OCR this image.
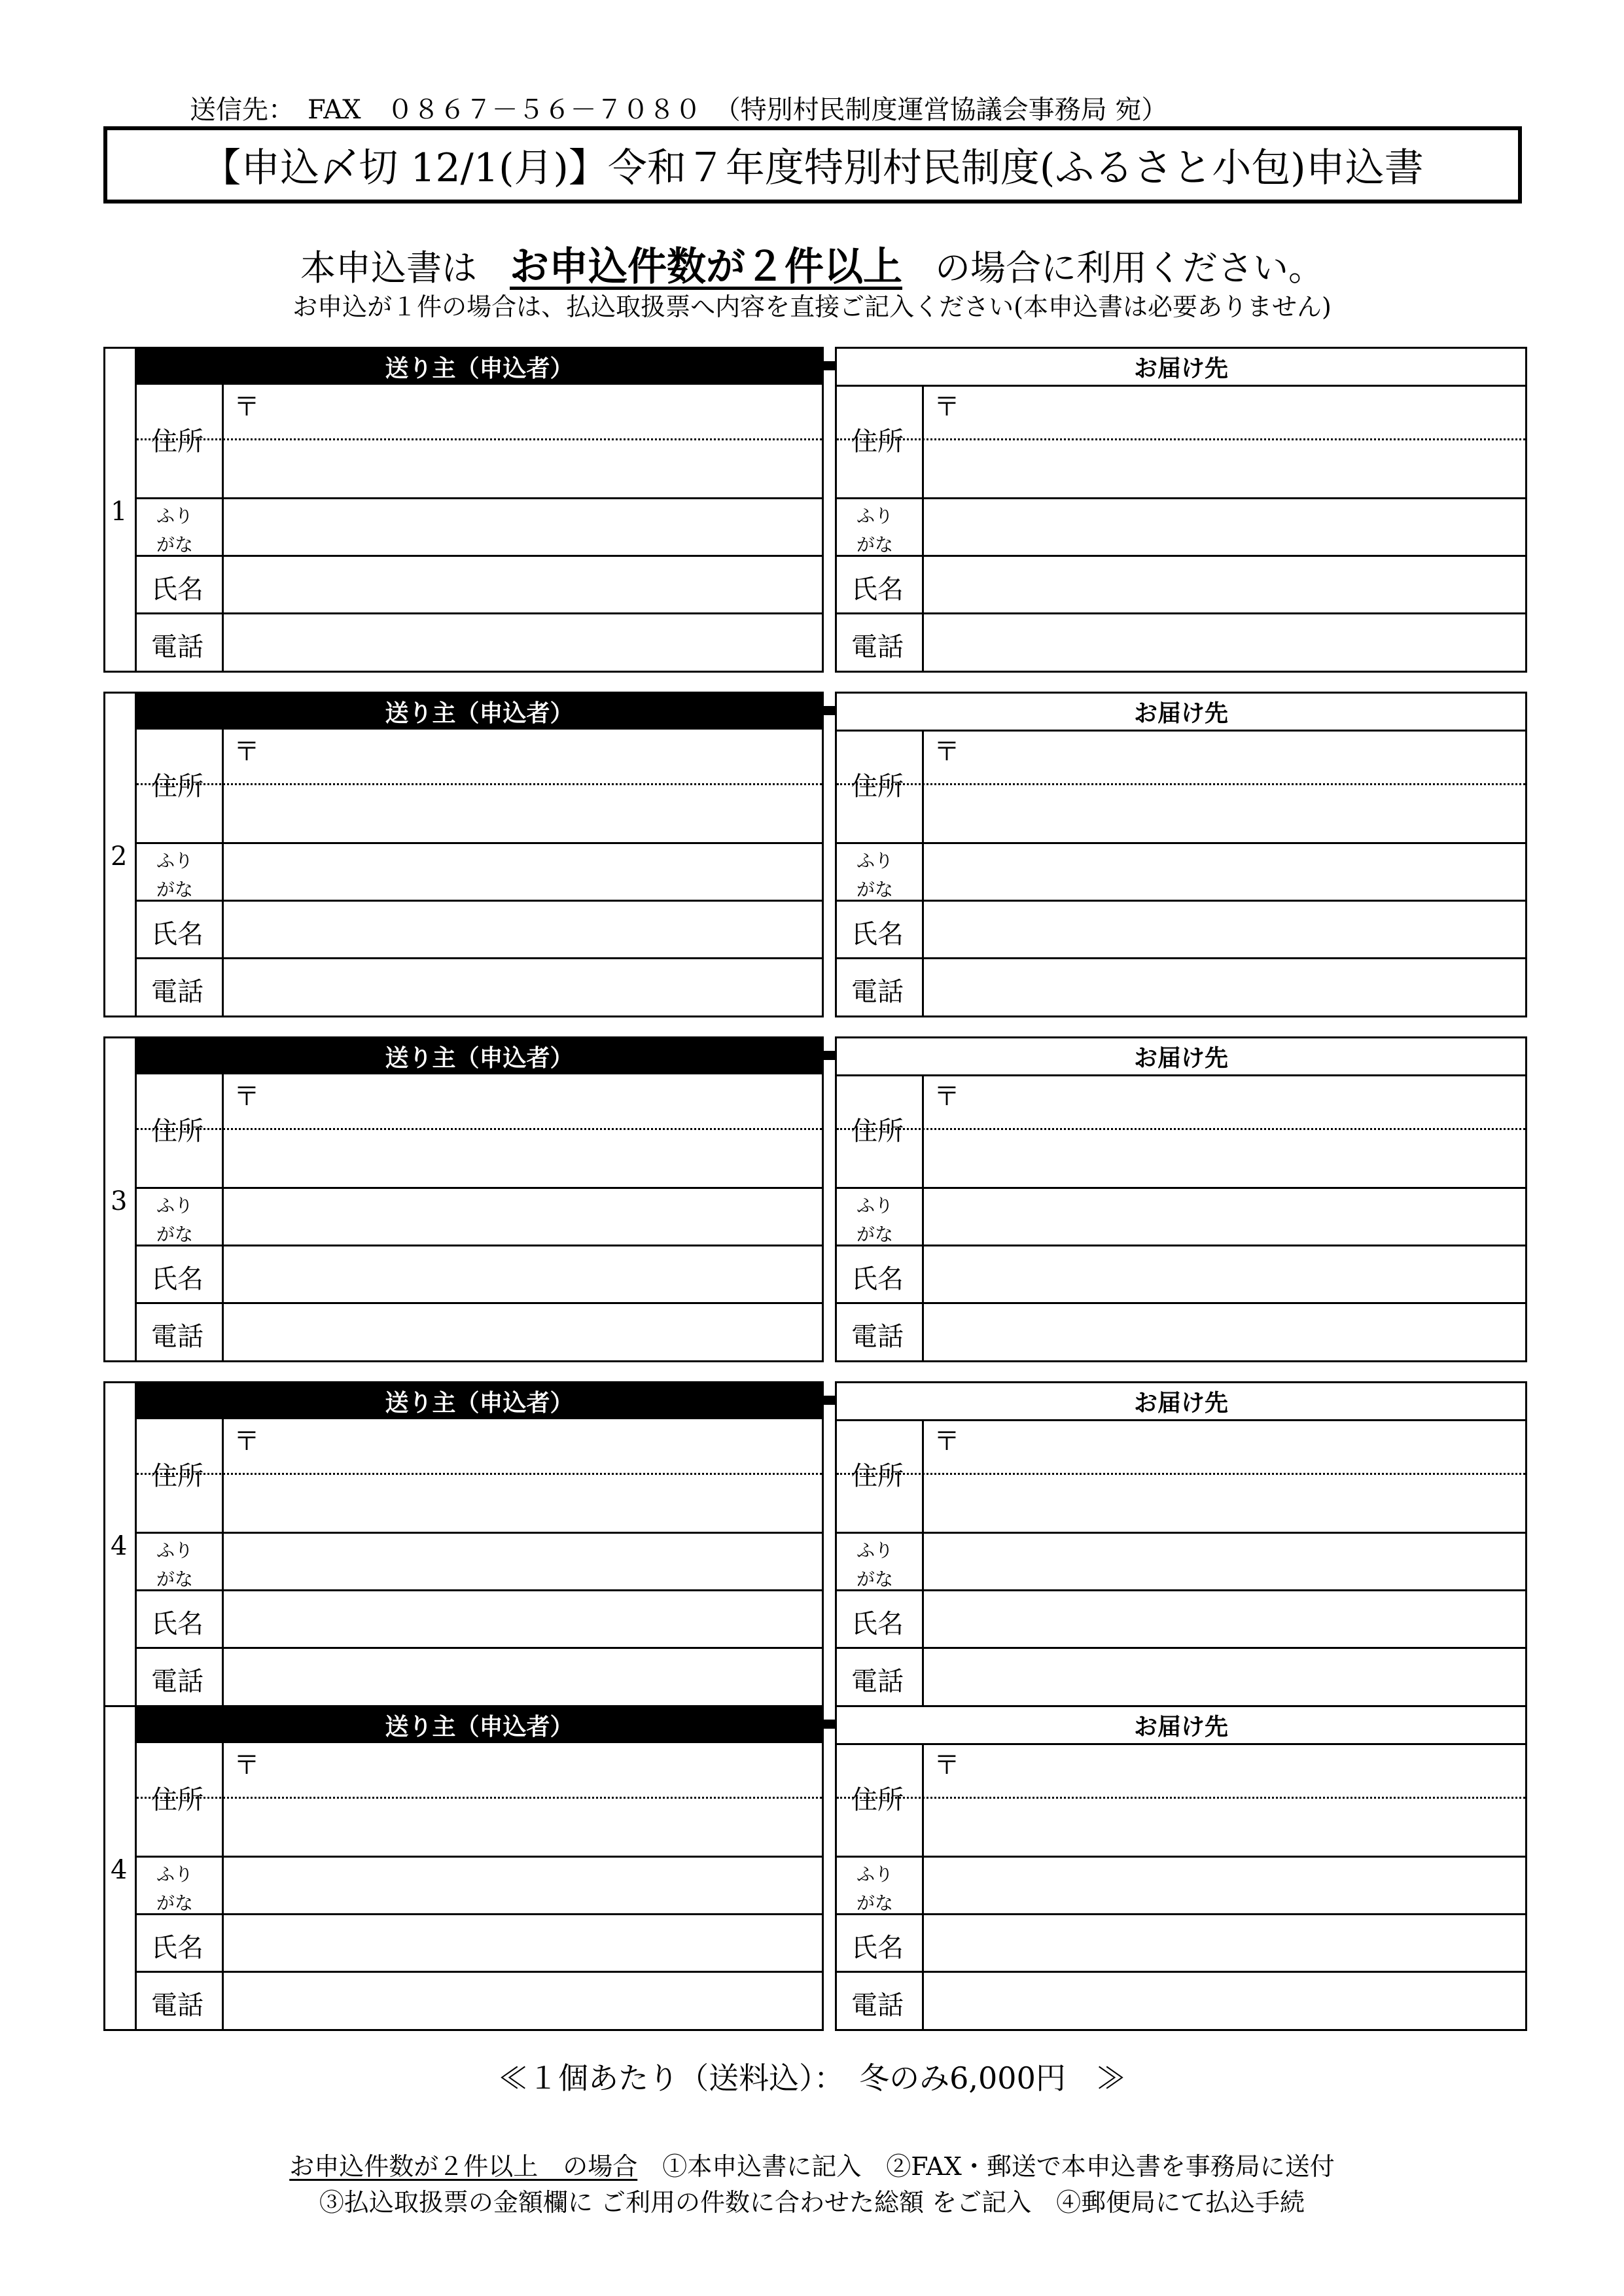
送信先：　FAX　０８６７－５６－７０８０　（特別村民制度運営協議会事務局 宛）
【申込〆切 12/1(月)】令和７年度特別村民制度(ふるさと小包)申込書
本申込書は お申込件数が２件以上 の場合に利用ください。
お申込が１件の場合は、払込取扱票へ内容を直接ご記入ください(本申込書は必要ありません)
1
送り主（申込者）
住所
〒
ふり
がな
氏名
電話
お届け先
住所
〒
ふり
がな
氏名
電話
2
送り主（申込者）
住所
〒
ふり
がな
氏名
電話
お届け先
住所
〒
ふり
がな
氏名
電話
3
送り主（申込者）
住所
〒
ふり
がな
氏名
電話
お届け先
住所
〒
ふり
がな
氏名
電話
4
送り主（申込者）
住所
〒
ふり
がな
氏名
電話
お届け先
住所
〒
ふり
がな
氏名
電話
4
送り主（申込者）
住所
〒
ふり
がな
氏名
電話
お届け先
住所
〒
ふり
がな
氏名
電話
≪１個あたり（送料込）：　冬のみ6,000円　≫
お申込件数が２件以上　の場合　 ①本申込書に記入　②FAX・郵送で本申込書を事務局に送付
③払込取扱票の金額欄に ご利用の件数に合わせた総額 をご記入　④郵便局にて払込手続
